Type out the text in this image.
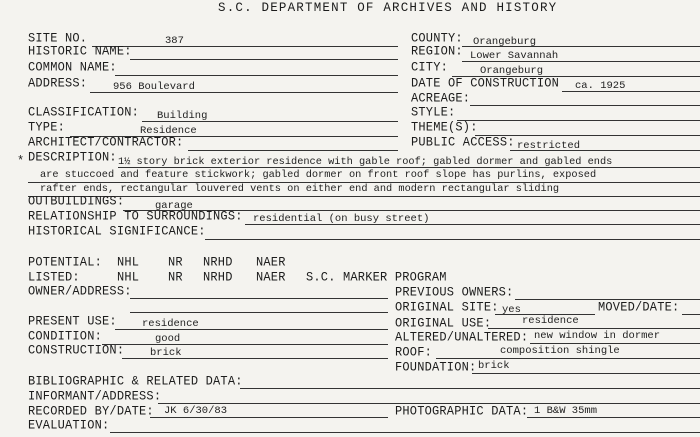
S.C. DEPARTMENT OF ARCHIVES AND HISTORY
SITE NO.	387
HISTORIC NAME:
COMMON NAME:
ADDRESS: 956 Boulevard
COUNTY: Orangeburg
REGION: Lower Savannah
CITY:	Orangeburg
DATE OF CONSTRUCTION ca. 1925
ACREAGE:
CLASSIFICATION: Building
TYPE:	Residence
ARCHITECT/CONTRACTOR:
STYLE:
THEME(S):
PUBLIC ACCESS: restricted
* DESCRIPTION: 1½ story brick exterior residence with gable roof; gabled dormer and gabled ends
are stuccoed and feature stickwork; gabled dormer on front roof slope has purlins, exposed
rafter ends, rectangular louvered vents on either end and modern rectangular sliding
OUTBUILDINGS:	garage
RELATIONSHIP TO SURROUNDINGS: residential (on busy street)
HISTORICAL SIGNIFICANCE:
POTENTIAL: NHL NR NRHD NAER
LISTED:	NHL NR NRHD NAER S.C. MARKER PROGRAM
OWNER/ADDRESS:	PREVIOUS OWNERS:
ORIGINAL SITE: yes	MOVED/DATE:
PRESENT USE: residence	ORIGINAL USE:	residence
CONDITION:	good	ALTERED/UNALTERED: new window in dormer
CONSTRUCTION: brick	ROOF:	composition shingle
FOUNDATION: brick
BIBLIOGRAPHIC & RELATED DATA:
INFORMANT/ADDRESS:
RECORDED BY/DATE: JK 6/30/83	PHOTOGRAPHIC DATA: 1 B&W 35mm
EVALUATION:
